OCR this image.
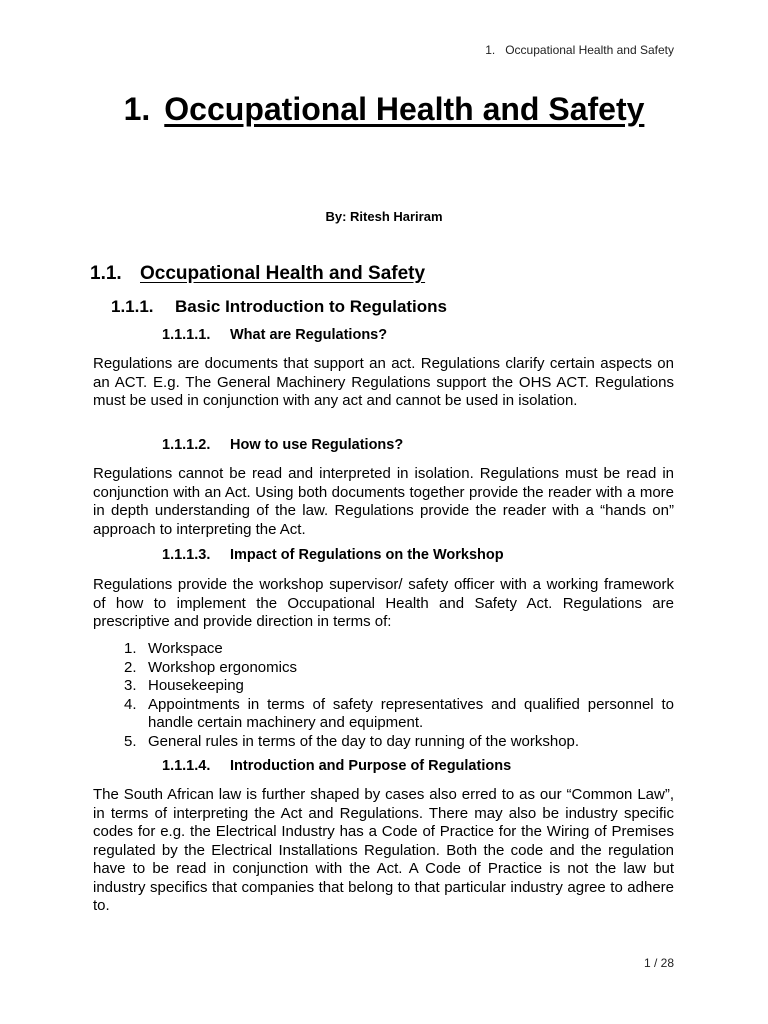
1. Occupational Health and Safety
1. Occupational Health and Safety
By: Ritesh Hariram
1.1. Occupational Health and Safety
1.1.1. Basic Introduction to Regulations
1.1.1.1. What are Regulations?

Regulations are documents that support an act. Regulations clarify certain aspects on an ACT. E.g. The General Machinery Regulations support the OHS ACT. Regulations must be used in conjunction with any act and cannot be used in isolation.

1.1.1.2. How to use Regulations?

Regulations cannot be read and interpreted in isolation. Regulations must be read in conjunction with an Act. Using both documents together provide the reader with a more in depth understanding of the law. Regulations provide the reader with a “hands on” approach to interpreting the Act.

1.1.1.3. Impact of Regulations on the Workshop

Regulations provide the workshop supervisor/ safety officer with a working framework of how to implement the Occupational Health and Safety Act. Regulations are prescriptive and provide direction in terms of:

1. Workspace
2. Workshop ergonomics
3. Housekeeping
4. Appointments in terms of safety representatives and qualified personnel to handle certain machinery and equipment.
5. General rules in terms of the day to day running of the workshop.
1.1.1.4. Introduction and Purpose of Regulations

The South African law is further shaped by cases also erred to as our “Common Law”, in terms of interpreting the Act and Regulations. There may also be industry specific codes for e.g. the Electrical Industry has a Code of Practice for the Wiring of Premises regulated by the Electrical Installations Regulation. Both the code and the regulation have to be read in conjunction with the Act. A Code of Practice is not the law but industry specifics that companies that belong to that particular industry agree to adhere to.

1 / 28
